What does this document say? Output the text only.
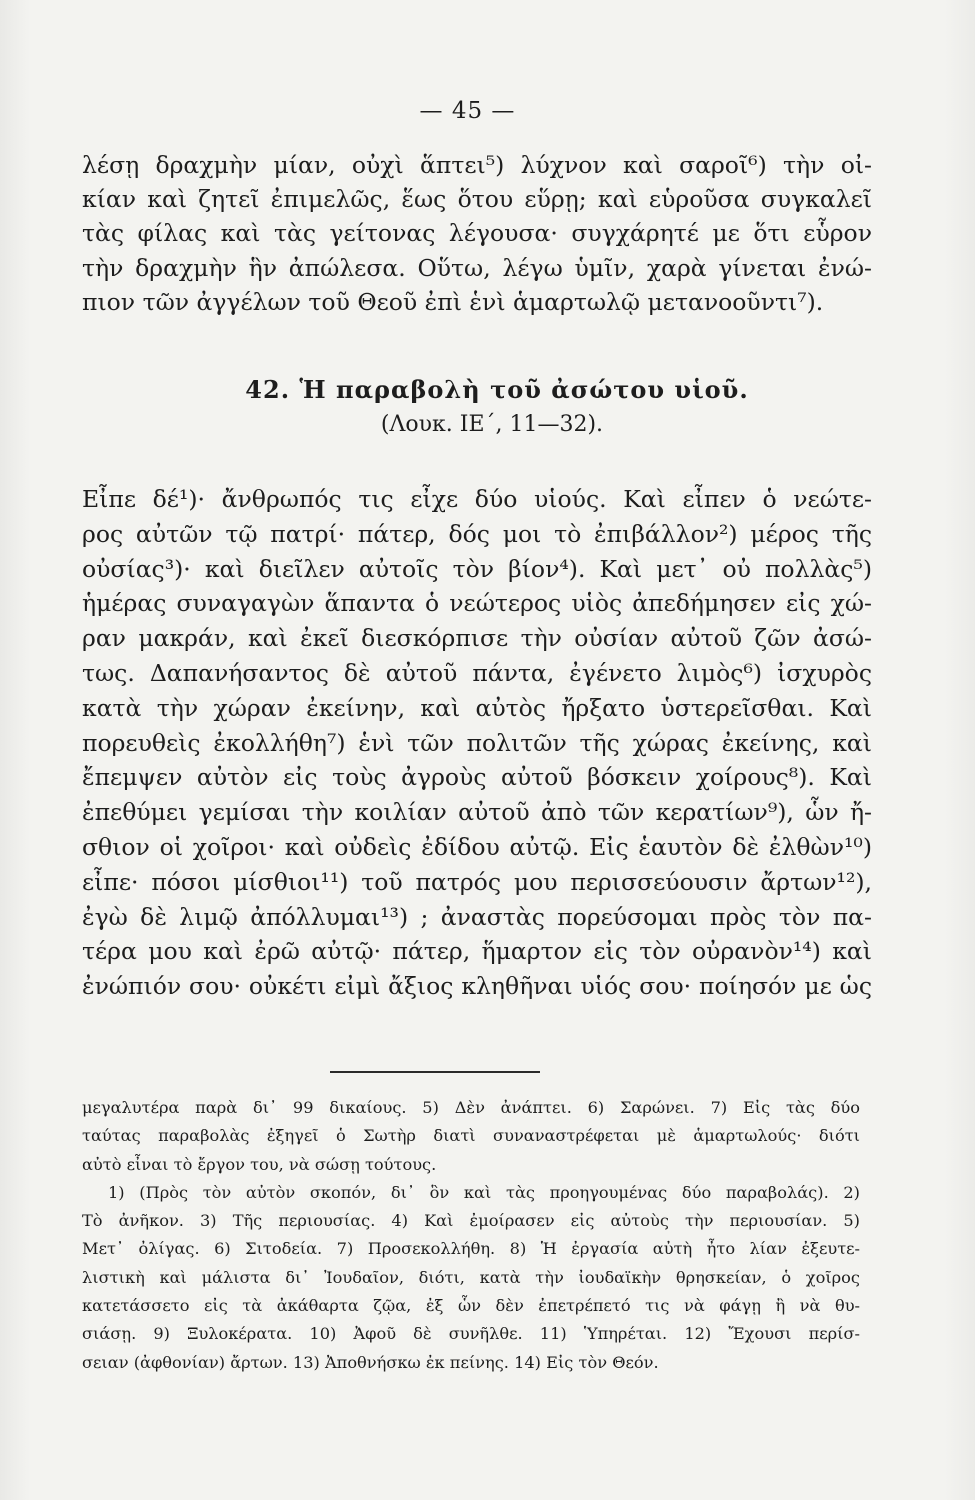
— 45 —
λέσῃ δραχμὴν μίαν, οὐχὶ ἅπτει⁵) λύχνον καὶ σαροῖ⁶) τὴν οἰ-
κίαν καὶ ζητεῖ ἐπιμελῶς, ἕως ὅτου εὕρῃ; καὶ εὑροῦσα συγκαλεῖ
τὰς φίλας καὶ τὰς γείτονας λέγουσα· συγχάρητέ με ὅτι εὗρον
τὴν δραχμὴν ἣν ἀπώλεσα. Οὕτω, λέγω ὑμῖν, χαρὰ γίνεται ἐνώ-
πιον τῶν ἀγγέλων τοῦ Θεοῦ ἐπὶ ἑνὶ ἁμαρτωλῷ μετανοοῦντι⁷).
42. Ἡ παραβολὴ τοῦ ἀσώτου υἱοῦ.
(Λουκ. ΙΕ΄, 11—32).
Εἶπε δέ¹)· ἄνθρωπός τις εἶχε δύο υἱούς. Καὶ εἶπεν ὁ νεώτε-
ρος αὐτῶν τῷ πατρί· πάτερ, δός μοι τὸ ἐπιβάλλον²) μέρος τῆς
οὐσίας³)· καὶ διεῖλεν αὐτοῖς τὸν βίον⁴). Καὶ μετ᾽ οὐ πολλὰς⁵)
ἡμέρας συναγαγὼν ἅπαντα ὁ νεώτερος υἱὸς ἀπεδήμησεν εἰς χώ-
ραν μακράν, καὶ ἐκεῖ διεσκόρπισε τὴν οὐσίαν αὐτοῦ ζῶν ἀσώ-
τως. Δαπανήσαντος δὲ αὐτοῦ πάντα, ἐγένετο λιμὸς⁶) ἰσχυρὸς
κατὰ τὴν χώραν ἐκείνην, καὶ αὐτὸς ἤρξατο ὑστερεῖσθαι. Καὶ
πορευθεὶς ἐκολλήθη⁷) ἑνὶ τῶν πολιτῶν τῆς χώρας ἐκείνης, καὶ
ἔπεμψεν αὐτὸν εἰς τοὺς ἀγροὺς αὐτοῦ βόσκειν χοίρους⁸). Καὶ
ἐπεθύμει γεμίσαι τὴν κοιλίαν αὐτοῦ ἀπὸ τῶν κερατίων⁹), ὧν ἤ-
σθιον οἱ χοῖροι· καὶ οὐδεὶς ἐδίδου αὐτῷ. Εἰς ἑαυτὸν δὲ ἐλθὼν¹⁰)
εἶπε· πόσοι μίσθιοι¹¹) τοῦ πατρός μου περισσεύουσιν ἄρτων¹²),
ἐγὼ δὲ λιμῷ ἀπόλλυμαι¹³) ; ἀναστὰς πορεύσομαι πρὸς τὸν πα-
τέρα μου καὶ ἐρῶ αὐτῷ· πάτερ, ἥμαρτον εἰς τὸν οὐρανὸν¹⁴) καὶ
ἐνώπιόν σου· οὐκέτι εἰμὶ ἄξιος κληθῆναι υἱός σου· ποίησόν με ὡς
μεγαλυτέρα παρὰ δι᾽ 99 δικαίους. 5) Δὲν ἀνάπτει. 6) Σαρώνει. 7) Εἰς τὰς δύο
ταύτας παραβολὰς ἐξηγεῖ ὁ Σωτὴρ διατὶ συναναστρέφεται μὲ ἁμαρτωλούς· διότι
αὐτὸ εἶναι τὸ ἔργον του, νὰ σώσῃ τούτους.
1) (Πρὸς τὸν αὐτὸν σκοπόν, δι᾽ ὃν καὶ τὰς προηγουμένας δύο παραβολάς). 2)
Τὸ ἀνῆκον. 3) Τῆς περιουσίας. 4) Καὶ ἐμοίρασεν εἰς αὐτοὺς τὴν περιουσίαν. 5)
Μετ᾽ ὀλίγας. 6) Σιτοδεία. 7) Προσεκολλήθη. 8) Ἡ ἐργασία αὐτὴ ἦτο λίαν ἐξευτε-
λιστικὴ καὶ μάλιστα δι᾽ Ἰουδαῖον, διότι, κατὰ τὴν ἰουδαϊκὴν θρησκείαν, ὁ χοῖρος
κατετάσσετο εἰς τὰ ἀκάθαρτα ζῷα, ἐξ ὧν δὲν ἐπετρέπετό τις νὰ φάγῃ ἢ νὰ θυ-
σιάσῃ. 9) Ξυλοκέρατα. 10) Ἀφοῦ δὲ συνῆλθε. 11) Ὑπηρέται. 12) Ἔχουσι περίσ-
σειαν (ἀφθονίαν) ἄρτων. 13) Ἀποθνήσκω ἐκ πείνης. 14) Εἰς τὸν Θεόν.
